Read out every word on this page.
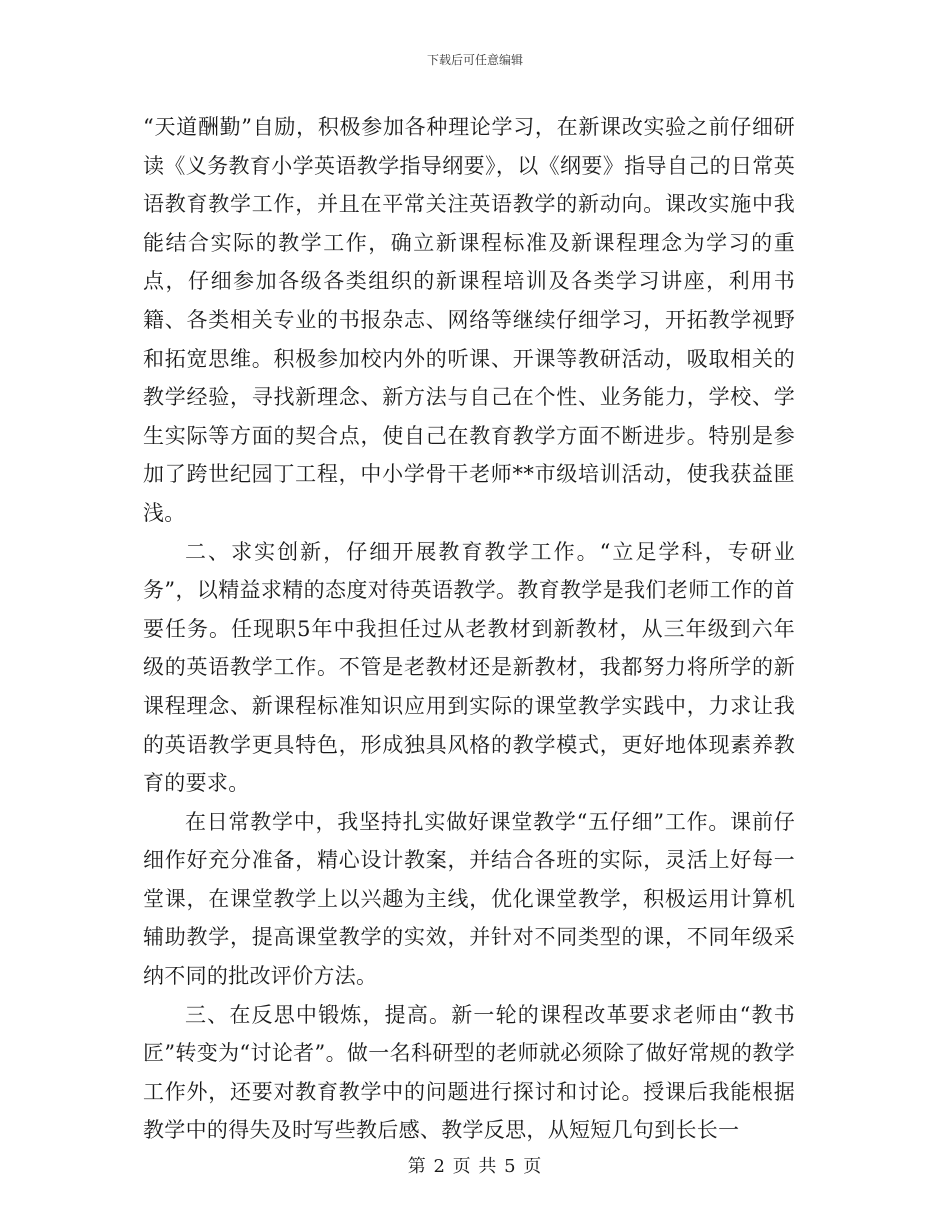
下载后可任意编辑

“天道酬勤”自励，积极参加各种理论学习，在新课改实验之前仔细研读《义务教育小学英语教学指导纲要》，以《纲要》指导自己的日常英语教育教学工作，并且在平常关注英语教学的新动向。课改实施中我能结合实际的教学工作，确立新课程标准及新课程理念为学习的重点，仔细参加各级各类组织的新课程培训及各类学习讲座，利用书籍、各类相关专业的书报杂志、网络等继续仔细学习，开拓教学视野和拓宽思维。积极参加校内外的听课、开课等教研活动，吸取相关的教学经验，寻找新理念、新方法与自己在个性、业务能力，学校、学生实际等方面的契合点，使自己在教育教学方面不断进步。特别是参加了跨世纪园丁工程，中小学骨干老师**市级培训活动，使我获益匪浅。

二、求实创新，仔细开展教育教学工作。“立足学科，专研业务”，以精益求精的态度对待英语教学。教育教学是我们老师工作的首要任务。任现职5年中我担任过从老教材到新教材，从三年级到六年级的英语教学工作。不管是老教材还是新教材，我都努力将所学的新课程理念、新课程标准知识应用到实际的课堂教学实践中，力求让我的英语教学更具特色，形成独具风格的教学模式，更好地体现素养教育的要求。

在日常教学中，我坚持扎实做好课堂教学“五仔细”工作。课前仔细作好充分准备，精心设计教案，并结合各班的实际，灵活上好每一堂课，在课堂教学上以兴趣为主线，优化课堂教学，积极运用计算机辅助教学，提高课堂教学的实效，并针对不同类型的课，不同年级采纳不同的批改评价方法。

三、在反思中锻炼，提高。新一轮的课程改革要求老师由“教书匠”转变为“讨论者”。做一名科研型的老师就必须除了做好常规的教学工作外，还要对教育教学中的问题进行探讨和讨论。授课后我能根据教学中的得失及时写些教后感、教学反思，从短短几句到长长一

第 2 页 共 5 页
